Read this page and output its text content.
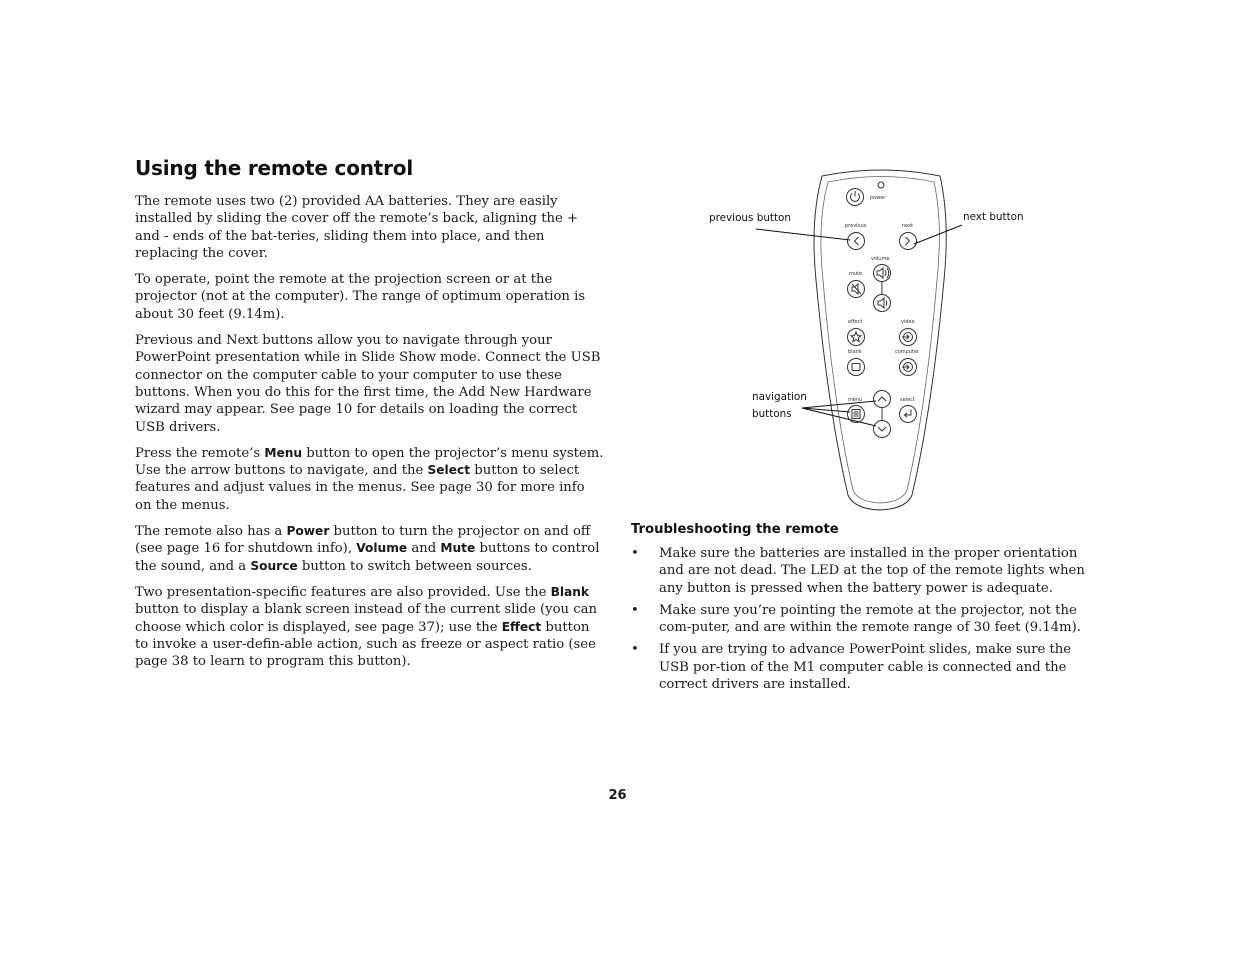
Using the remote control

The remote uses two (2) provided AA batteries. They are easily installed by sliding the cover off the remote’s back, aligning the + and - ends of the bat-teries, sliding them into place, and then replacing the cover.

To operate, point the remote at the projection screen or at the projector (not at the computer). The range of optimum operation is about 30 feet (9.14m).

Previous and Next buttons allow you to navigate through your PowerPoint presentation while in Slide Show mode. Connect the USB connector on the computer cable to your computer to use these buttons. When you do this for the first time, the Add New Hardware wizard may appear. See page 10 for details on loading the correct USB drivers.

Press the remote’s Menu button to open the projector’s menu system. Use the arrow buttons to navigate, and the Select button to select features and adjust values in the menus. See page 30 for more info on the menus.

The remote also has a Power button to turn the projector on and off (see page 16 for shutdown info), Volume and Mute buttons to control the sound, and a Source button to switch between sources.

Two presentation-specific features are also provided. Use the Blank button to display a blank screen instead of the current slide (you can choose which color is displayed, see page 37); use the Effect button to invoke a user-defin-able action, such as freeze or aspect ratio (see page 38 to learn to program this button).

power
previous	next
volume
mute
effect	video
blank	computer
menu	select
previous button	next button
navigation
buttons
Troubleshooting the remote
• Make sure the batteries are installed in the proper orientation and are not dead. The LED at the top of the remote lights when any button is pressed when the battery power is adequate.
• Make sure you’re pointing the remote at the projector, not the com-puter, and are within the remote range of 30 feet (9.14m).
• If you are trying to advance PowerPoint slides, make sure the USB por-tion of the M1 computer cable is connected and the correct drivers are installed.
26
